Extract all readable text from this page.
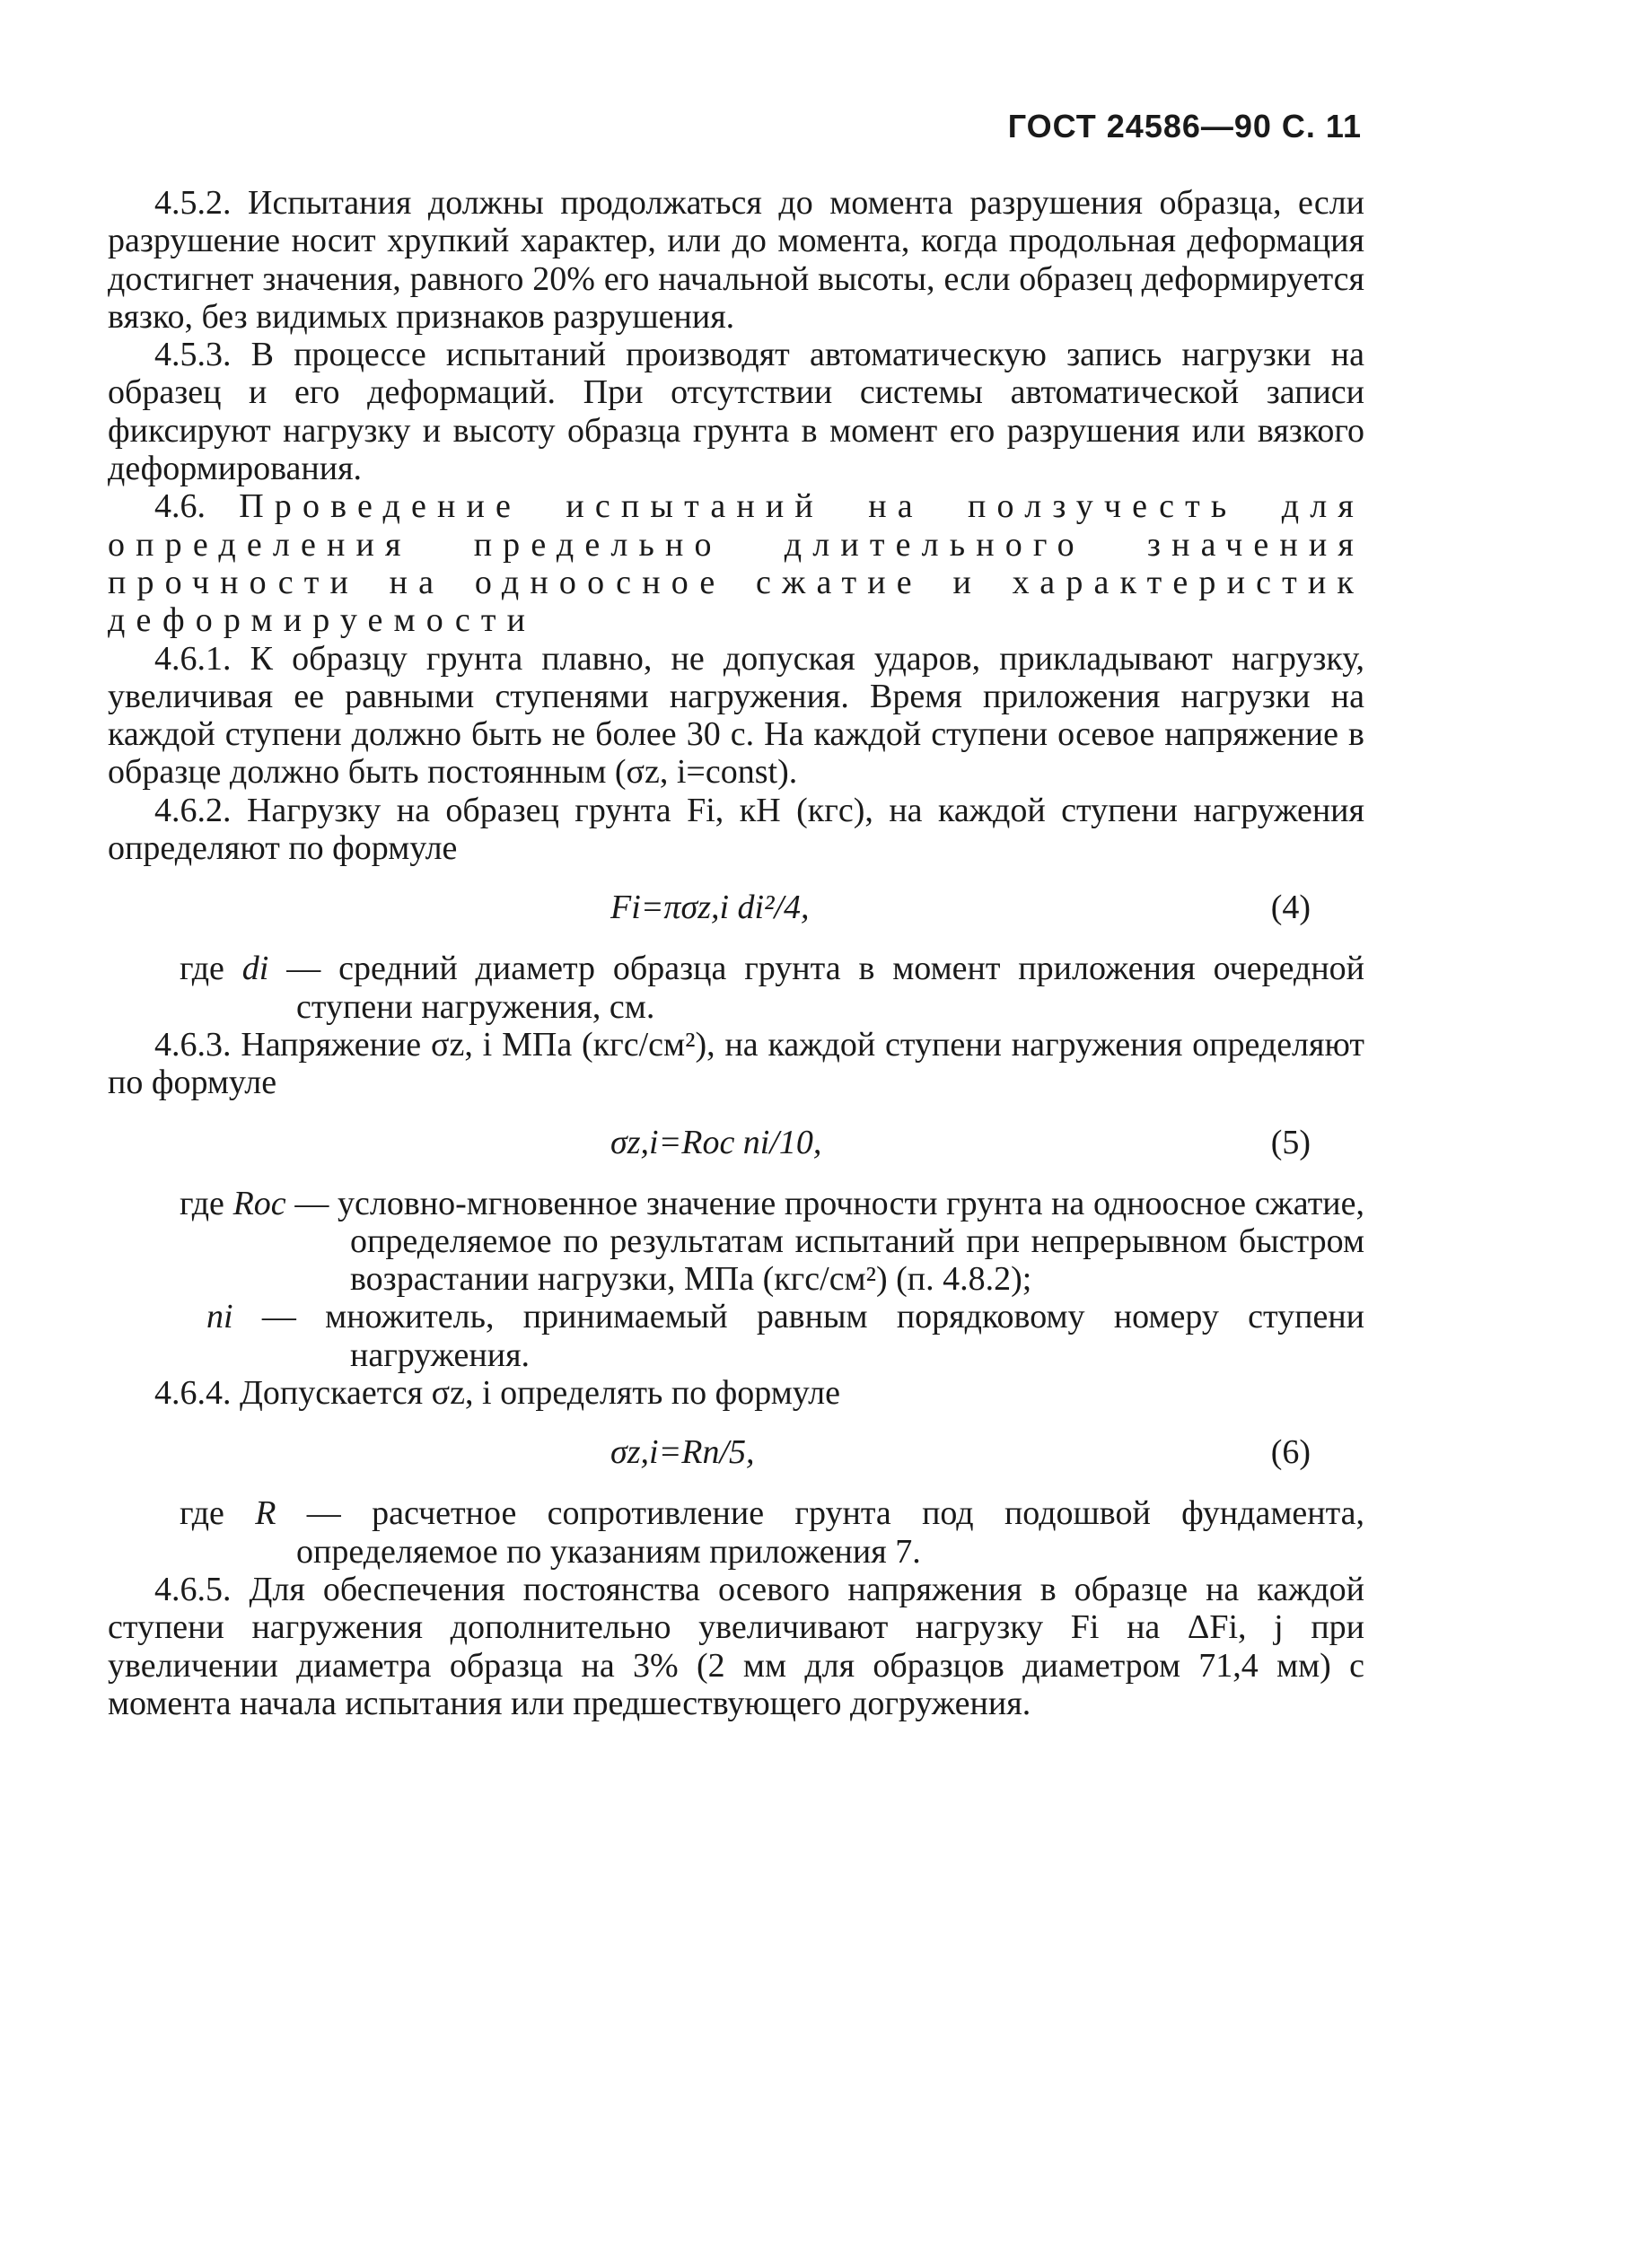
ГОСТ 24586—90 С. 11

4.5.2. Испытания должны продолжаться до момента разрушения образца, если разрушение носит хрупкий характер, или до момента, когда продольная деформация достигнет значения, равного 20% его начальной высоты, если образец деформируется вязко, без видимых признаков разрушения.

4.5.3. В процессе испытаний производят автоматическую запись нагрузки на образец и его деформаций. При отсутствии системы автоматической записи фиксируют нагрузку и высоту образца грунта в момент его разрушения или вязкого деформирования.

4.6. Проведение испытаний на ползучесть для определения предельно длительного значения прочности на одноосное сжатие и характеристик деформируемости

4.6.1. К образцу грунта плавно, не допуская ударов, прикладывают нагрузку, увеличивая ее равными ступенями нагружения. Время приложения нагрузки на каждой ступени должно быть не более 30 с. На каждой ступени осевое напряжение в образце должно быть постоянным (σz, i=const).

4.6.2. Нагрузку на образец грунта Fi, кН (кгс), на каждой ступени нагружения определяют по формуле

Fi=πσz,i di²/4,	(4)

где di — средний диаметр образца грунта в момент приложения очередной ступени нагружения, см.

4.6.3. Напряжение σz, i МПа (кгс/см²), на каждой ступени нагружения определяют по формуле

σz,i=Rос ni/10,	(5)

где Rос — условно-мгновенное значение прочности грунта на одноосное сжатие, определяемое по результатам испытаний при непрерывном быстром возрастании нагрузки, МПа (кгс/см²) (п. 4.8.2);

ni — множитель, принимаемый равным порядковому номеру ступени нагружения.

4.6.4. Допускается σz, i определять по формуле

σz,i=Rn/5,	(6)

где R — расчетное сопротивление грунта под подошвой фундамента, определяемое по указаниям приложения 7.

4.6.5. Для обеспечения постоянства осевого напряжения в образце на каждой ступени нагружения дополнительно увеличивают нагрузку Fi на ΔFi, j при увеличении диаметра образца на 3% (2 мм для образцов диаметром 71,4 мм) с момента начала испытания или предшествующего догружения.
